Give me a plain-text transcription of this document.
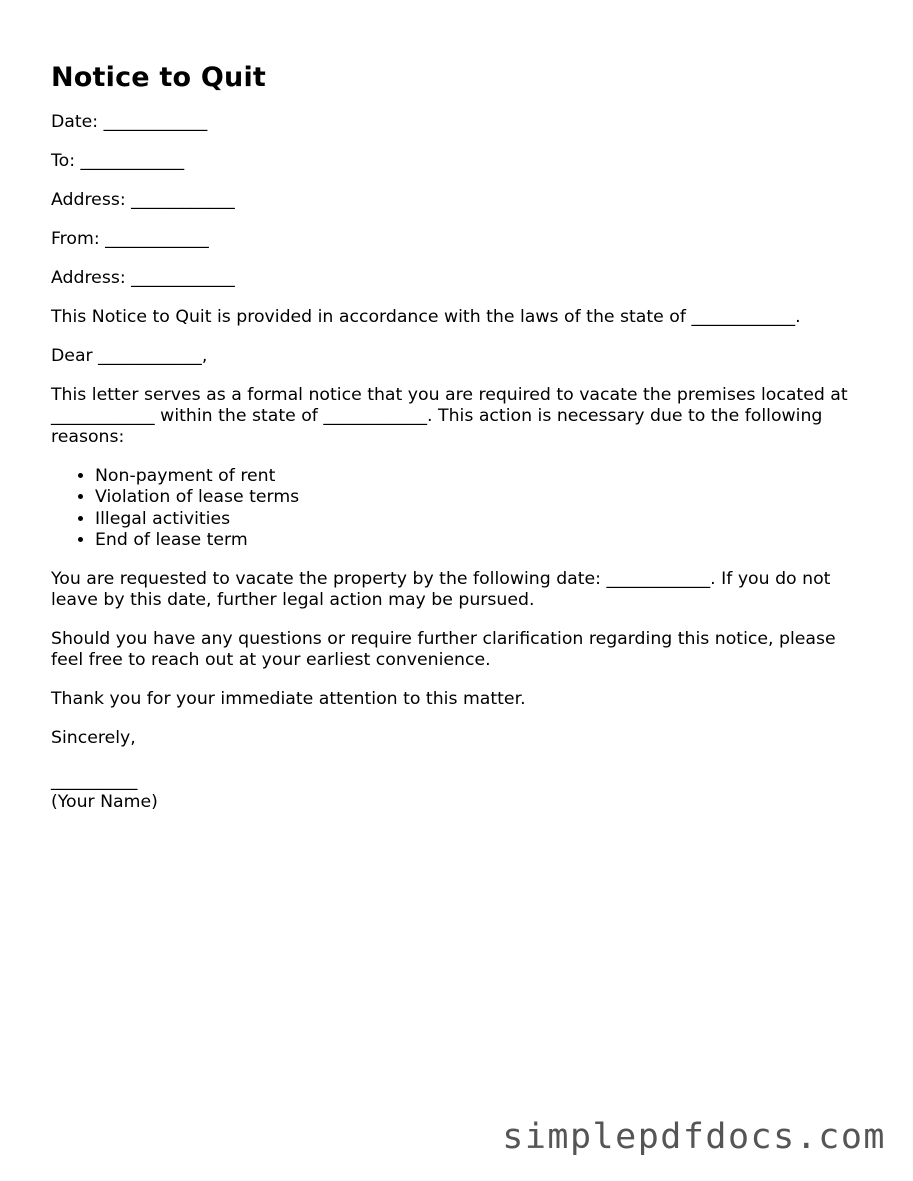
Notice to Quit

Date: ____________

To: ____________

Address: ____________

From: ____________

Address: ____________

This Notice to Quit is provided in accordance with the laws of the state of ____________.

Dear ____________,

This letter serves as a formal notice that you are required to vacate the premises located at ____________ within the state of ____________. This action is necessary due to the following reasons:

• Non-payment of rent
• Violation of lease terms
• Illegal activities
• End of lease term

You are requested to vacate the property by the following date: ____________. If you do not leave by this date, further legal action may be pursued.

Should you have any questions or require further clarification regarding this notice, please feel free to reach out at your earliest convenience.

Thank you for your immediate attention to this matter.

Sincerely,

__________
(Your Name)
simplepdfdocs.com
